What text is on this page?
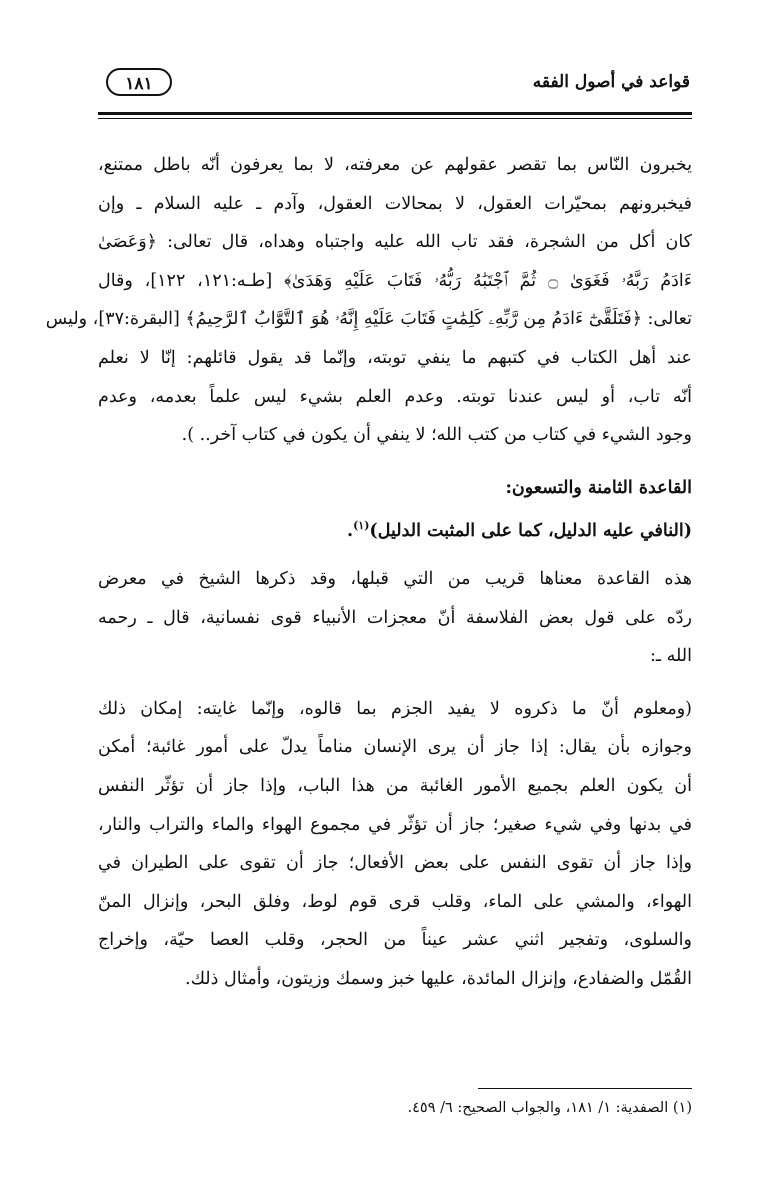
قواعد في أصول الفقه
١٨١
يخبرون النّاس بما تقصر عقولهم عن معرفته، لا بما يعرفون أنّه باطل ممتنع،
فيخبرونهم بمحيّرات العقول، لا بمحالات العقول، وآدم ـ عليه السلام ـ وإن
كان أكل من الشجرة، فقد تاب الله عليه واجتباه وهداه، قال تعالى: ﴿وَعَصَىٰ
ءَادَمُ رَبَّهُۥ فَغَوَىٰ ۝ ثُمَّ ٱجْتَبَٰهُ رَبُّهُۥ فَتَابَ عَلَيْهِ وَهَدَىٰ﴾ [طـه:١٢١، ١٢٢]، وقال
تعالى: ﴿فَتَلَقَّىٰٓ ءَادَمُ مِن رَّبِّهِۦ كَلِمَٰتٍ فَتَابَ عَلَيْهِ إِنَّهُۥ هُوَ ٱلتَّوَّابُ ٱلرَّحِيمُ﴾ [البقرة:٣٧]، وليس
عند أهل الكتاب في كتبهم ما ينفي توبته، وإنّما قد يقول قائلهم: إنّا لا نعلم
أنّه تاب، أو ليس عندنا توبته. وعدم العلم بشيء ليس علماً بعدمه، وعدم
وجود الشيء في كتاب من كتب الله؛ لا ينفي أن يكون في كتاب آخر.. ).
القاعدة الثامنة والتسعون:
(النافي عليه الدليل، كما على المثبت الدليل)$^{(١)}$.
هذه القاعدة معناها قريب من التي قبلها، وقد ذكرها الشيخ في معرض
ردّه على قول بعض الفلاسفة أنّ معجزات الأنبياء قوى نفسانية، قال ـ رحمه
الله ـ:
(ومعلوم أنّ ما ذكروه لا يفيد الجزم بما قالوه، وإنّما غايته: إمكان ذلك
وجوازه بأن يقال: إذا جاز أن يرى الإنسان مناماً يدلّ على أمور غائبة؛ أمكن
أن يكون العلم بجميع الأمور الغائبة من هذا الباب، وإذا جاز أن تؤثّر النفس
في بدنها وفي شيء صغير؛ جاز أن تؤثّر في مجموع الهواء والماء والتراب والنار،
وإذا جاز أن تقوى النفس على بعض الأفعال؛ جاز أن تقوى على الطيران في
الهواء، والمشي على الماء، وقلب قرى قوم لوط، وفلق البحر، وإنزال المنّ
والسلوى، وتفجير اثني عشر عيناً من الحجر، وقلب العصا حيّة، وإخراج
القُمّل والضفادع، وإنزال المائدة، عليها خبز وسمك وزيتون، وأمثال ذلك.
(١) الصفدية: ١/ ١٨١، والجواب الصحيح: ٦/ ٤٥٩.
